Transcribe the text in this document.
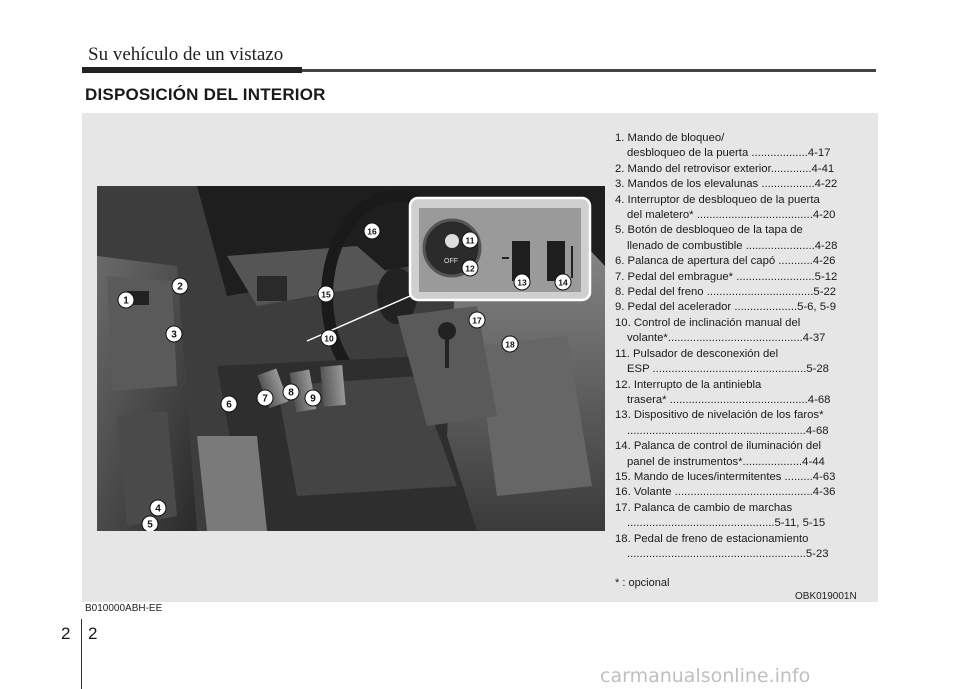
Su vehículo de un vistazo
DISPOSICIÓN DEL INTERIOR
OFF
1
2
3
4
5
6
7
8
9
10
11
12
13	14
15
16
17
18
1. Mando de bloqueo/
desbloqueo de la puerta ..................4-17
2. Mando del retrovisor exterior.............4-41
3. Mandos de los elevalunas .................4-22
4. Interruptor de desbloqueo de la puerta
del maletero* .....................................4-20
5. Botón de desbloqueo de la tapa de
llenado de combustible ......................4-28
6. Palanca de apertura del capó ...........4-26
7. Pedal del embrague* .........................5-12
8. Pedal del freno ..................................5-22
9. Pedal del acelerador ....................5-6, 5-9
10. Control de inclinación manual del
volante*...........................................4-37
11. Pulsador de desconexión del
ESP .................................................5-28
12. Interrupto de la antiniebla
trasera* ............................................4-68
13. Dispositivo de nivelación de los faros*
.........................................................4-68
14. Palanca de control de iluminación del
panel de instrumentos*...................4-44
15. Mando de luces/intermitentes .........4-63
16. Volante ............................................4-36
17. Palanca de cambio de marchas
...............................................5-11, 5-15
18. Pedal de freno de estacionamiento
.........................................................5-23
* : opcional
B010000ABH-EE
OBK019001N
2 2
carmanualsonline.info
